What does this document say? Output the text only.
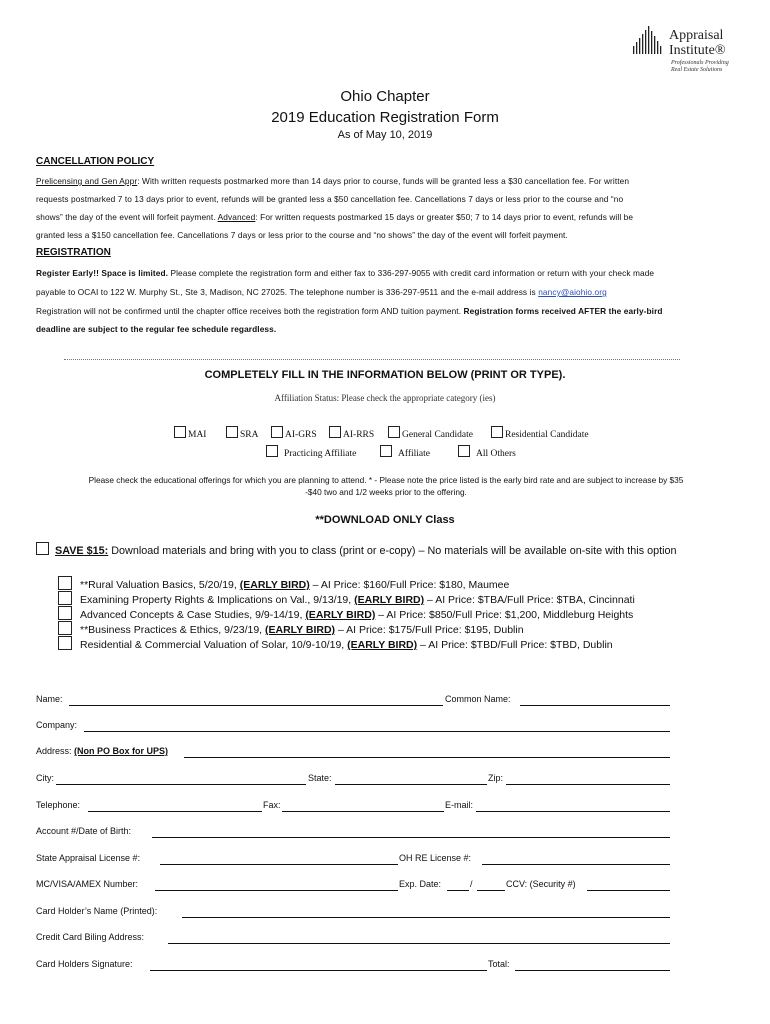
Appraisal
Institute®
Professionals Providing
Real Estate Solutions
Ohio Chapter
2019 Education Registration Form
As of May 10, 2019
CANCELLATION POLICY
Prelicensing and Gen Appr: With written requests postmarked more than 14 days prior to course, funds will be granted less a $30 cancellation fee. For written
requests postmarked 7 to 13 days prior to event, refunds will be granted less a $50 cancellation fee. Cancellations 7 days or less prior to the course and “no
shows” the day of the event will forfeit payment. Advanced: For written requests postmarked 15 days or greater $50; 7 to 14 days prior to event, refunds will be
granted less a $150 cancellation fee. Cancellations 7 days or less prior to the course and “no shows” the day of the event will forfeit payment.
REGISTRATION
Register Early!! Space is limited. Please complete the registration form and either fax to 336-297-9055 with credit card information or return with your check made
payable to OCAI to 122 W. Murphy St., Ste 3, Madison, NC 27025. The telephone number is 336-297-9511 and the e-mail address is nancy@aiohio.org
Registration will not be confirmed until the chapter office receives both the registration form AND tuition payment. Registration forms received AFTER the early-bird
deadline are subject to the regular fee schedule regardless.
COMPLETELY FILL IN THE INFORMATION BELOW (PRINT OR TYPE).
Affiliation Status: Please check the appropriate category (ies)
MAI	SRA	AI-GRS	AI-RRS	General Candidate	Residential Candidate
Practicing Affiliate	Affiliate	All Others
Please check the educational offerings for which you are planning to attend. * - Please note the price listed is the early bird rate and are subject to increase by $35
-$40 two and 1/2 weeks prior to the offering.
**DOWNLOAD ONLY Class
SAVE $15: Download materials and bring with you to class (print or e-copy) – No materials will be available on-site with this option
**Rural Valuation Basics, 5/20/19, (EARLY BIRD) – AI Price: $160/Full Price: $180, Maumee
Examining Property Rights & Implications on Val., 9/13/19, (EARLY BIRD) – AI Price: $TBA/Full Price: $TBA, Cincinnati
Advanced Concepts & Case Studies, 9/9-14/19, (EARLY BIRD) – AI Price: $850/Full Price: $1,200, Middleburg Heights
**Business Practices & Ethics, 9/23/19, (EARLY BIRD) – AI Price: $175/Full Price: $195, Dublin
Residential & Commercial Valuation of Solar, 10/9-10/19, (EARLY BIRD) – AI Price: $TBD/Full Price: $TBD, Dublin
Name:	Common Name:
Company:
Address: (Non PO Box for UPS)
City:	State:	Zip:
Telephone:	Fax:	E-mail:
Account #/Date of Birth:
State Appraisal License #:	OH RE License #:
MC/VISA/AMEX Number:	Exp. Date:	/	CCV: (Security #)
Card Holder’s Name (Printed):
Credit Card Biling Address:
Card Holders Signature:	Total:
